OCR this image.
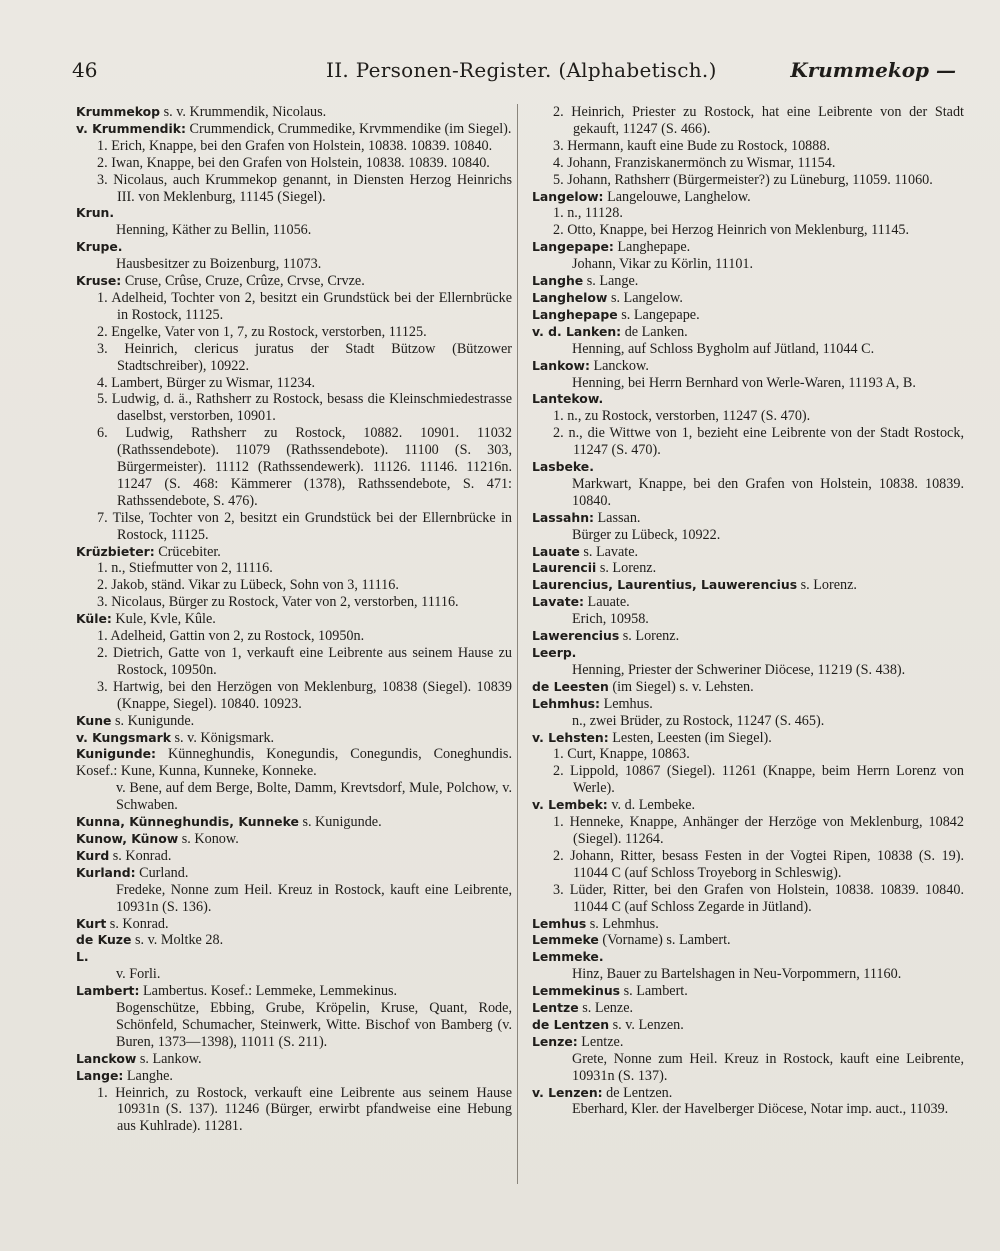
46	II. Personen-Register. (Alphabetisch.)	Krummekop —
Krummekop s. v. Krummendik, Nicolaus.
v. Krummendik: Crummendick, Crummedike, Krvmmendike (im Siegel).
1. Erich, Knappe, bei den Grafen von Holstein, 10838. 10839. 10840.
2. Iwan, Knappe, bei den Grafen von Holstein, 10838. 10839. 10840.
3. Nicolaus, auch Krummekop genannt, in Diensten Herzog Heinrichs III. von Meklenburg, 11145 (Siegel).
Krun.
Henning, Käther zu Bellin, 11056.
Krupe.
Hausbesitzer zu Boizenburg, 11073.
Kruse: Cruse, Crûse, Cruze, Crûze, Crvse, Crvze.
1. Adelheid, Tochter von 2, besitzt ein Grundstück bei der Ellernbrücke in Rostock, 11125.
2. Engelke, Vater von 1, 7, zu Rostock, verstorben, 11125.
3. Heinrich, clericus juratus der Stadt Bützow (Bützower Stadtschreiber), 10922.
4. Lambert, Bürger zu Wismar, 11234.
5. Ludwig, d. ä., Rathsherr zu Rostock, besass die Kleinschmiedestrasse daselbst, verstorben, 10901.
6. Ludwig, Rathsherr zu Rostock, 10882. 10901. 11032 (Rathssendebote). 11079 (Rathssendebote). 11100 (S. 303, Bürgermeister). 11112 (Rathssendewerk). 11126. 11146. 11216n. 11247 (S. 468: Kämmerer (1378), Rathssendebote, S. 471: Rathssendebote, S. 476).
7. Tilse, Tochter von 2, besitzt ein Grundstück bei der Ellernbrücke in Rostock, 11125.
Krüzbieter: Crücebiter.
1. n., Stiefmutter von 2, 11116.
2. Jakob, ständ. Vikar zu Lübeck, Sohn von 3, 11116.
3. Nicolaus, Bürger zu Rostock, Vater von 2, verstorben, 11116.
Küle: Kule, Kvle, Kûle.
1. Adelheid, Gattin von 2, zu Rostock, 10950n.
2. Dietrich, Gatte von 1, verkauft eine Leibrente aus seinem Hause zu Rostock, 10950n.
3. Hartwig, bei den Herzögen von Meklenburg, 10838 (Siegel). 10839 (Knappe, Siegel). 10840. 10923.
Kune s. Kunigunde.
v. Kungsmark s. v. Königsmark.
Kunigunde: Künneghundis, Konegundis, Conegundis, Coneghundis. Kosef.: Kune, Kunna, Kunneke, Konneke.
v. Bene, auf dem Berge, Bolte, Damm, Krevtsdorf, Mule, Polchow, v. Schwaben.
Kunna, Künneghundis, Kunneke s. Kunigunde.
Kunow, Künow s. Konow.
Kurd s. Konrad.
Kurland: Curland.
Fredeke, Nonne zum Heil. Kreuz in Rostock, kauft eine Leibrente, 10931n (S. 136).
Kurt s. Konrad.
de Kuze s. v. Moltke 28.
L.
v. Forli.
Lambert: Lambertus. Kosef.: Lemmeke, Lemmekinus.
Bogenschütze, Ebbing, Grube, Kröpelin, Kruse, Quant, Rode, Schönfeld, Schumacher, Steinwerk, Witte. Bischof von Bamberg (v. Buren, 1373—1398), 11011 (S. 211).
Lanckow s. Lankow.
Lange: Langhe.
1. Heinrich, zu Rostock, verkauft eine Leibrente aus seinem Hause 10931n (S. 137). 11246 (Bürger, erwirbt pfandweise eine Hebung aus Kuhlrade). 11281.
2. Heinrich, Priester zu Rostock, hat eine Leibrente von der Stadt gekauft, 11247 (S. 466).
3. Hermann, kauft eine Bude zu Rostock, 10888.
4. Johann, Franziskanermönch zu Wismar, 11154.
5. Johann, Rathsherr (Bürgermeister?) zu Lüneburg, 11059. 11060.
Langelow: Langelouwe, Langhelow.
1. n., 11128.
2. Otto, Knappe, bei Herzog Heinrich von Meklenburg, 11145.
Langepape: Langhepape.
Johann, Vikar zu Körlin, 11101.
Langhe s. Lange.
Langhelow s. Langelow.
Langhepape s. Langepape.
v. d. Lanken: de Lanken.
Henning, auf Schloss Bygholm auf Jütland, 11044 C.
Lankow: Lanckow.
Henning, bei Herrn Bernhard von Werle-Waren, 11193 A, B.
Lantekow.
1. n., zu Rostock, verstorben, 11247 (S. 470).
2. n., die Wittwe von 1, bezieht eine Leibrente von der Stadt Rostock, 11247 (S. 470).
Lasbeke.
Markwart, Knappe, bei den Grafen von Holstein, 10838. 10839. 10840.
Lassahn: Lassan.
Bürger zu Lübeck, 10922.
Lauate s. Lavate.
Laurencii s. Lorenz.
Laurencius, Laurentius, Lauwerencius s. Lorenz.
Lavate: Lauate.
Erich, 10958.
Lawerencius s. Lorenz.
Leerp.
Henning, Priester der Schweriner Diöcese, 11219 (S. 438).
de Leesten (im Siegel) s. v. Lehsten.
Lehmhus: Lemhus.
n., zwei Brüder, zu Rostock, 11247 (S. 465).
v. Lehsten: Lesten, Leesten (im Siegel).
1. Curt, Knappe, 10863.
2. Lippold, 10867 (Siegel). 11261 (Knappe, beim Herrn Lorenz von Werle).
v. Lembek: v. d. Lembeke.
1. Henneke, Knappe, Anhänger der Herzöge von Meklenburg, 10842 (Siegel). 11264.
2. Johann, Ritter, besass Festen in der Vogtei Ripen, 10838 (S. 19). 11044 C (auf Schloss Troyeborg in Schleswig).
3. Lüder, Ritter, bei den Grafen von Holstein, 10838. 10839. 10840. 11044 C (auf Schloss Zegarde in Jütland).
Lemhus s. Lehmhus.
Lemmeke (Vorname) s. Lambert.
Lemmeke.
Hinz, Bauer zu Bartelshagen in Neu-Vorpommern, 11160.
Lemmekinus s. Lambert.
Lentze s. Lenze.
de Lentzen s. v. Lenzen.
Lenze: Lentze.
Grete, Nonne zum Heil. Kreuz in Rostock, kauft eine Leibrente, 10931n (S. 137).
v. Lenzen: de Lentzen.
Eberhard, Kler. der Havelberger Diöcese, Notar imp. auct., 11039.
